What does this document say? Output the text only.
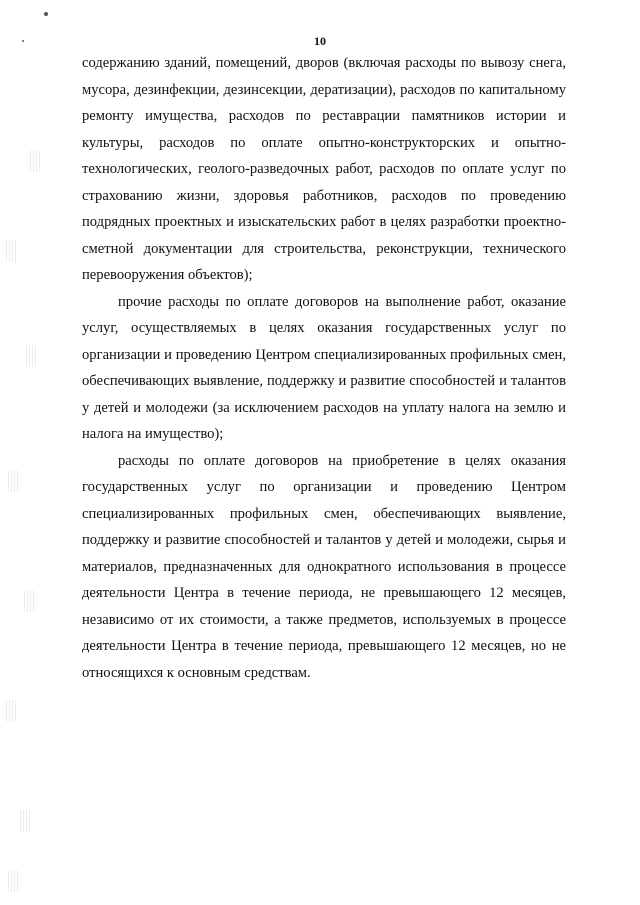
10

содержанию зданий, помещений, дворов (включая расходы по вывозу снега, мусора, дезинфекции, дезинсекции, дератизации), расходов по капитальному ремонту имущества, расходов по реставрации памятников истории и культуры, расходов по оплате опытно-конструкторских и опытно-технологических, геолого-разведочных работ, расходов по оплате услуг по страхованию жизни, здоровья работников, расходов по проведению подрядных проектных и изыскательских работ в целях разработки проектно-сметной документации для строительства, реконструкции, технического перевооружения объектов);

прочие расходы по оплате договоров на выполнение работ, оказание услуг, осуществляемых в целях оказания государственных услуг по организации и проведению Центром специализированных профильных смен, обеспечивающих выявление, поддержку и развитие способностей и талантов у детей и молодежи (за исключением расходов на уплату налога на землю и налога на имущество);

расходы по оплате договоров на приобретение в целях оказания государственных услуг по организации и проведению Центром специализированных профильных смен, обеспечивающих выявление, поддержку и развитие способностей и талантов у детей и молодежи, сырья и материалов, предназначенных для однократного использования в процессе деятельности Центра в течение периода, не превышающего 12 месяцев, независимо от их стоимости, а также предметов, используемых в процессе деятельности Центра в течение периода, превышающего 12 месяцев, но не относящихся к основным средствам.
